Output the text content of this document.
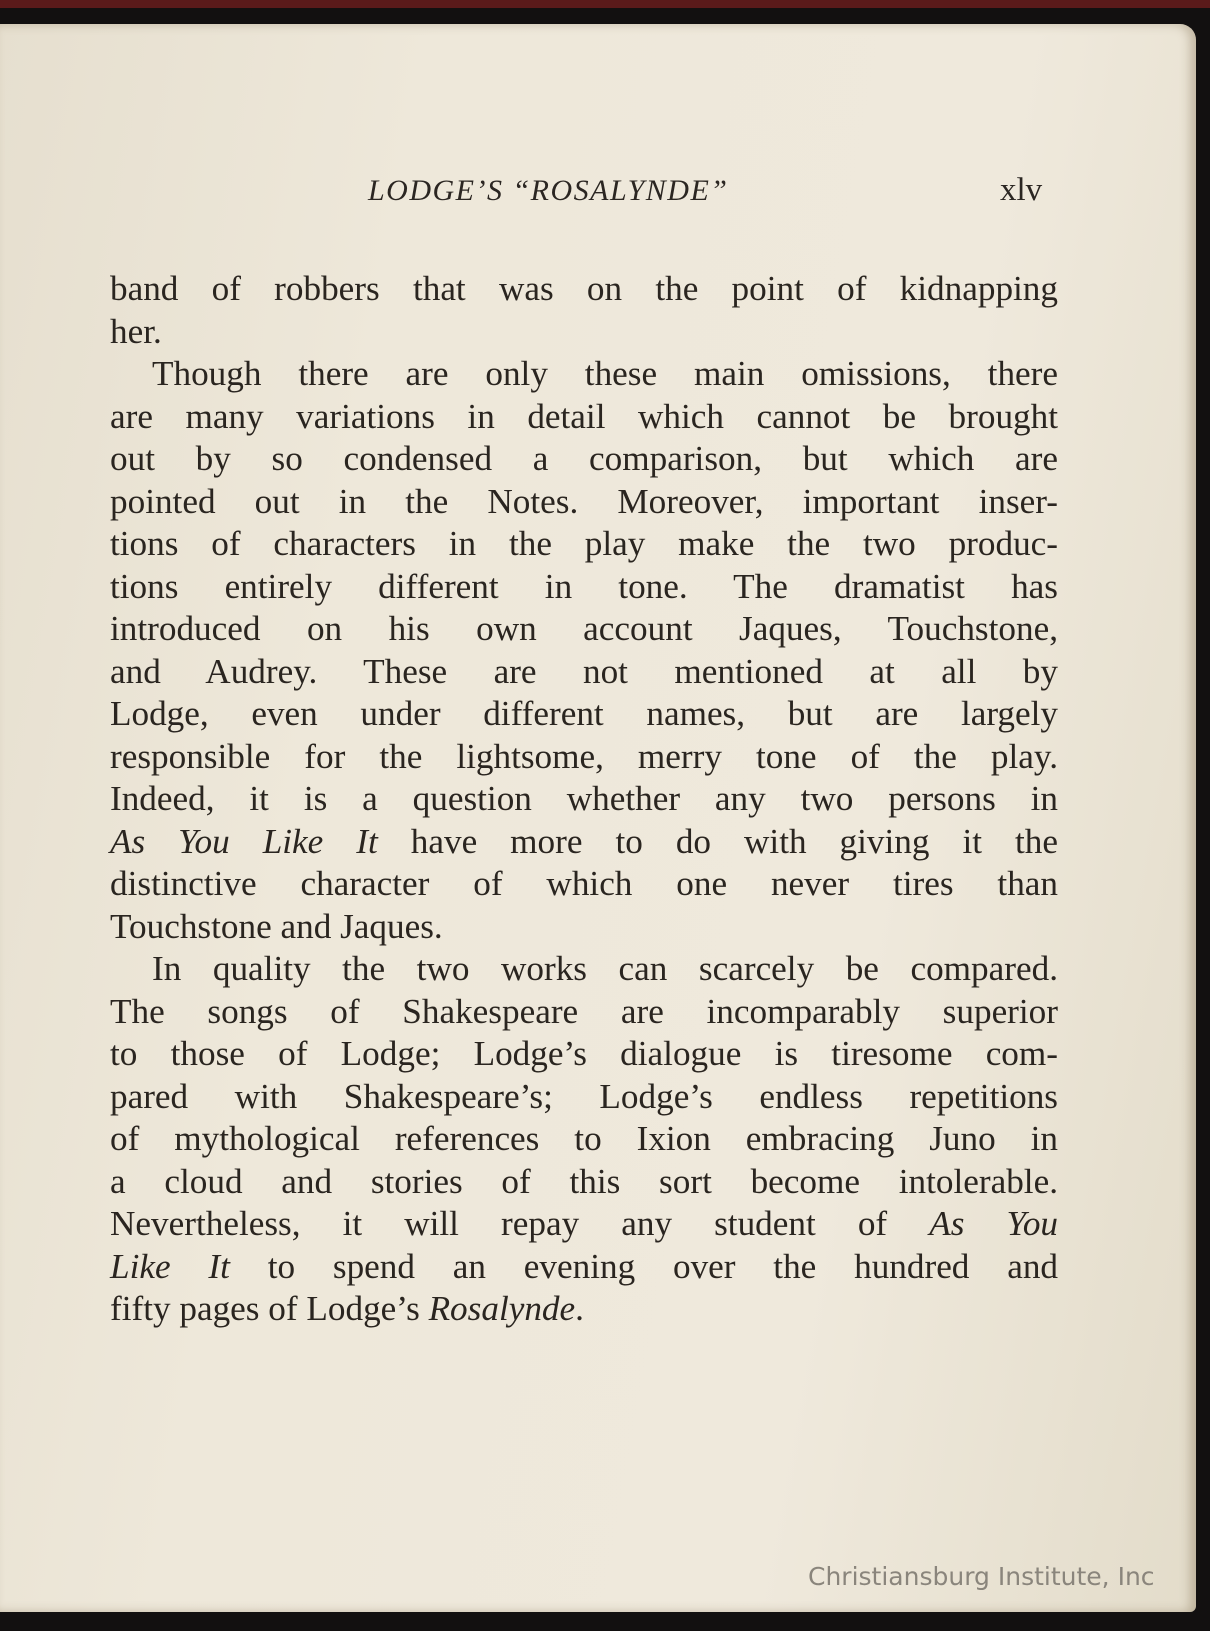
LODGE’S “ROSALYNDE”	xlv
band of robbers that was on the point of kidnapping
her.
Though there are only these main omissions, there
are many variations in detail which cannot be brought
out by so condensed a comparison, but which are
pointed out in the Notes. Moreover, important inser-
tions of characters in the play make the two produc-
tions entirely different in tone. The dramatist has
introduced on his own account Jaques, Touchstone,
and Audrey. These are not mentioned at all by
Lodge, even under different names, but are largely
responsible for the lightsome, merry tone of the play.
Indeed, it is a question whether any two persons in
As You Like It have more to do with giving it the
distinctive character of which one never tires than
Touchstone and Jaques.
In quality the two works can scarcely be compared.
The songs of Shakespeare are incomparably superior
to those of Lodge; Lodge’s dialogue is tiresome com-
pared with Shakespeare’s; Lodge’s endless repetitions
of mythological references to Ixion embracing Juno in
a cloud and stories of this sort become intolerable.
Nevertheless, it will repay any student of As You
Like It to spend an evening over the hundred and
fifty pages of Lodge’s Rosalynde.
Christiansburg Institute, Inc
